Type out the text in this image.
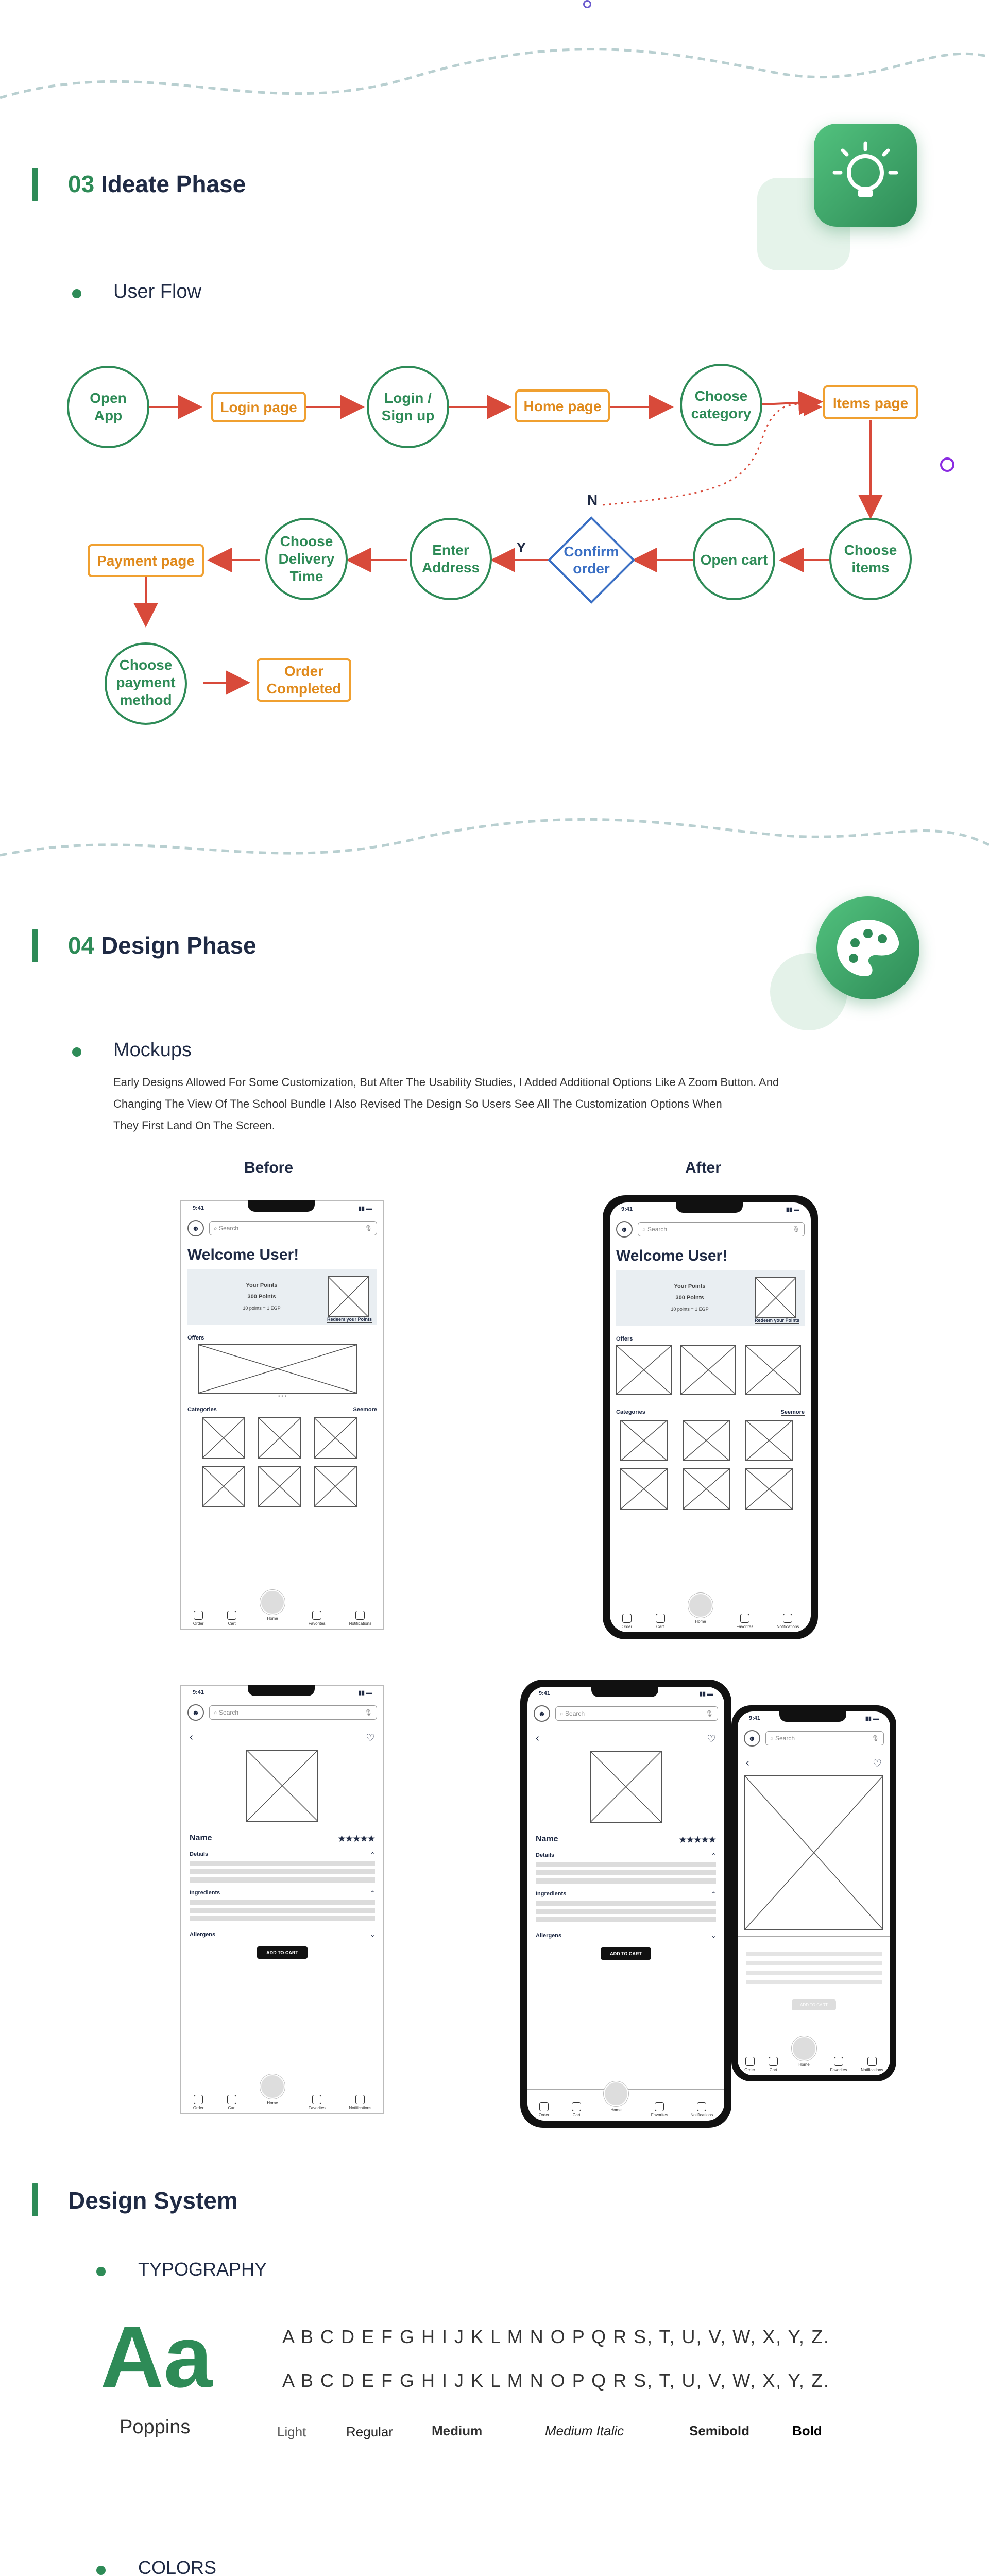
03 Ideate Phase
User Flow
Open
App
Login page
Login /
Sign up
Home page
Choose
category
Items page
Choose
items
Open cart
Confirm
order
N
Y
Enter
Address
Choose
Delivery
Time
Payment page
Choose
payment
method
Order
Completed
04 Design Phase
Mockups
Early Designs Allowed For Some Customization, But After The Usability Studies, I Added Additional Options Like A Zoom Button. And
Changing The View Of The School Bundle I Also Revised The Design So Users See All The Customization Options When
They First Land On The Screen.
Before	After
9:41	▮▮ ▬
☻	⌕ Search	🎙
Welcome User!
Your Points
300 Points
10 points = 1 EGP
Redeem your Points
Offers
• • •
Categories	Seemore
Order	Cart
Home
Favorites	Notifications
9:41	▮▮ ▬
☻	⌕ Search	🎙
Welcome User!
Your Points
300 Points
10 points = 1 EGP
Redeem your Points
Offers
Categories	Seemore
Order	Cart
Home
Favorites	Notifications
9:41	▮▮ ▬
☻	⌕ Search	🎙
‹	♡
Name	★★★★★
Details	⌃
Ingredients	⌃
Allergens	⌄
ADD TO CART
Order	Cart
Home
Favorites	Notifications
9:41	▮▮ ▬
☻	⌕ Search	🎙
‹	♡
ADD TO CART
Order	Cart
Home
Favorites	Notifications
9:41	▮▮ ▬
☻	⌕ Search	🎙
‹	♡
Name	★★★★★
Details	⌃
Ingredients	⌃
Allergens	⌄
ADD TO CART
Order	Cart
Home
Favorites	Notifications
Design System
TYPOGRAPHY
Aa
Poppins
A B C D E F G H I J K L M N O P Q R S, T, U, V, W, X, Y, Z.
A B C D E F G H I J K L M N O P Q R S, T, U, V, W, X, Y, Z.
Light	Regular	Medium	Medium Italic	Semibold	Bold
COLORS
